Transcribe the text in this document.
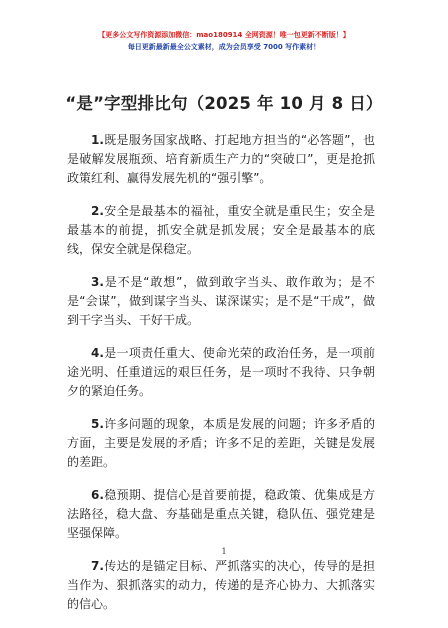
【更多公文写作资源添加微信：mao180914 全网资源！唯一包更新不断版！】
每日更新最新最全公文素材，成为会员享受 7000 写作素材！
“是”字型排比句（2025 年 10 月 8 日）

1.既是服务国家战略、打起地方担当的“必答题”，也是破解发展瓶颈、培育新质生产力的“突破口”，更是抢抓政策红利、赢得发展先机的“强引擎”。

2.安全是最基本的福祉，重安全就是重民生；安全是最基本的前提，抓安全就是抓发展；安全是最基本的底线，保安全就是保稳定。

3.是不是“敢想”，做到敢字当头、敢作敢为；是不是“会谋”，做到谋字当头、谋深谋实；是不是“干成”，做到干字当头、干好干成。

4.是一项责任重大、使命光荣的政治任务，是一项前途光明、任重道远的艰巨任务，是一项时不我待、只争朝夕的紧迫任务。

5.许多问题的现象，本质是发展的问题；许多矛盾的方面，主要是发展的矛盾；许多不足的差距，关键是发展的差距。

6.稳预期、提信心是首要前提，稳政策、优集成是方法路径，稳大盘、夯基础是重点关键，稳队伍、强党建是坚强保障。

7.传达的是锚定目标、严抓落实的决心，传导的是担当作为、狠抓落实的动力，传递的是齐心协力、大抓落实的信心。

1
